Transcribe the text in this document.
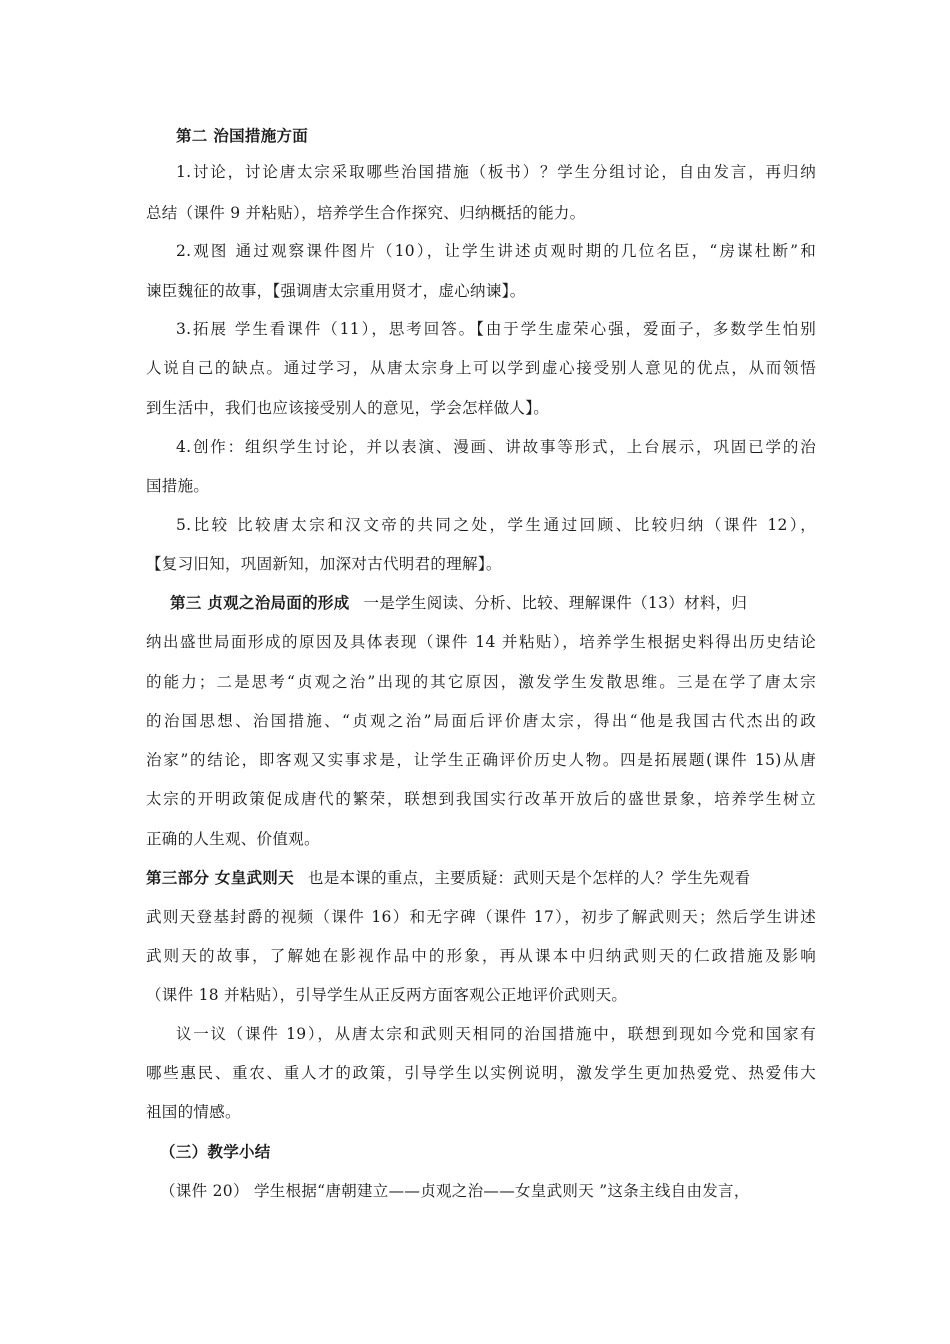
第二 治国措施方面
1.讨论，讨论唐太宗采取哪些治国措施（板书）？学生分组讨论，自由发言，再归纳
总结（课件 9 并粘贴），培养学生合作探究、归纳概括的能力。
2.观图 通过观察课件图片（10），让学生讲述贞观时期的几位名臣，“房谋杜断”和
谏臣魏征的故事，【强调唐太宗重用贤才，虚心纳谏】。
3.拓展 学生看课件（11），思考回答。【由于学生虚荣心强，爱面子，多数学生怕别
人说自己的缺点。通过学习，从唐太宗身上可以学到虚心接受别人意见的优点，从而领悟
到生活中，我们也应该接受别人的意见，学会怎样做人】。
4.创作：组织学生讨论，并以表演、漫画、讲故事等形式，上台展示，巩固已学的治
国措施。
5.比较 比较唐太宗和汉文帝的共同之处，学生通过回顾、比较归纳（课件 12），
【复习旧知，巩固新知，加深对古代明君的理解】。
第三 贞观之治局面的形成 一是学生阅读、分析、比较、理解课件（13）材料，归
纳出盛世局面形成的原因及具体表现（课件 14 并粘贴），培养学生根据史料得出历史结论
的能力；二是思考“贞观之治”出现的其它原因，激发学生发散思维。三是在学了唐太宗
的治国思想、治国措施、“贞观之治”局面后评价唐太宗，得出“他是我国古代杰出的政
治家”的结论，即客观又实事求是，让学生正确评价历史人物。四是拓展题(课件 15)从唐
太宗的开明政策促成唐代的繁荣，联想到我国实行改革开放后的盛世景象，培养学生树立
正确的人生观、价值观。
第三部分 女皇武则天 也是本课的重点，主要质疑：武则天是个怎样的人？学生先观看
武则天登基封爵的视频（课件 16）和无字碑（课件 17），初步了解武则天；然后学生讲述
武则天的故事，了解她在影视作品中的形象，再从课本中归纳武则天的仁政措施及影响
（课件 18 并粘贴），引导学生从正反两方面客观公正地评价武则天。
议一议（课件 19），从唐太宗和武则天相同的治国措施中，联想到现如今党和国家有
哪些惠民、重农、重人才的政策，引导学生以实例说明，激发学生更加热爱党、热爱伟大
祖国的情感。
（三）教学小结
（课件 20） 学生根据“唐朝建立——贞观之治——女皇武则天 ”这条主线自由发言，
